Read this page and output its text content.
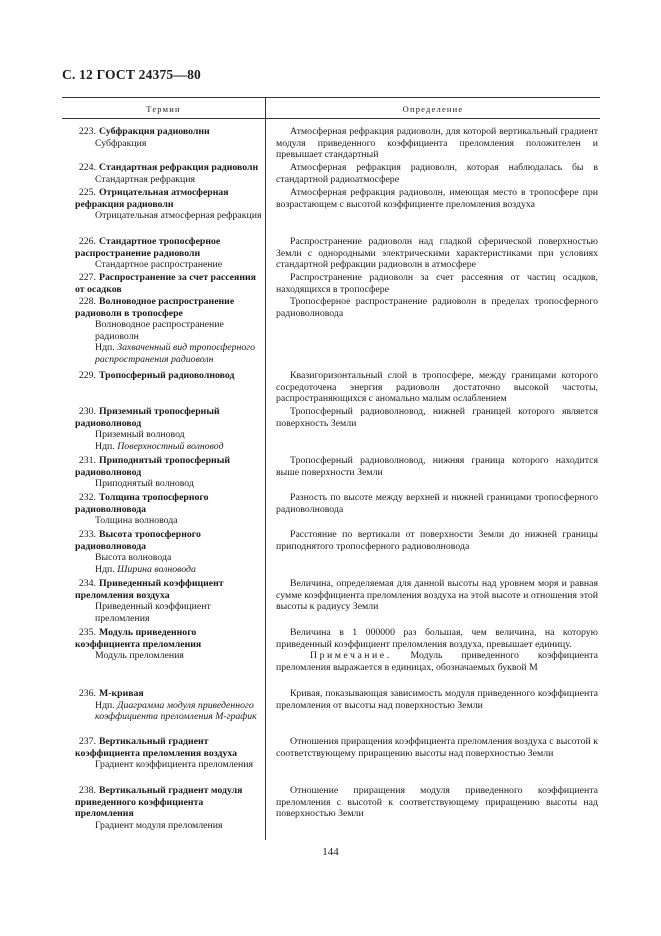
С. 12 ГОСТ 24375—80
Термин	Определение
223. Субфракция радиоволни
Субфракция

Атмосферная рефракция радиоволн, для которой вертикальный градиент модуля приведенного коэффициента преломления положителен и превышает стандартный

224. Стандартная рефракция радиоволн
Стандартная рефракция

Атмосферная рефракция радиоволн, которая наблюдалась бы в стандартной радиоатмосфере

225. Отрицательная атмосферная рефракция радиоволн
Отрицательная атмосферная рефракция

Атмосферная рефракция радиоволн, имеющая место в тропосфере при возрастающем с высотой коэффициенте преломления воздуха

226. Стандартное тропосферное распространение радиоволн
Стандартное распространение

Распространение радиоволн над гладкой сферической поверхностью Земли с однородными электрическими характеристиками при условиях стандартной рефракции радиоволн в атмосфере

227. Распространение за счет рассеяния от осадков

Распространение радиоволн за счет рассеяния от частиц осадков, находящихся в тропосфере

228. Волноводное распространение радиоволн в тропосфере
Волноводное распространение радиоволн
Ндп. Захваченный вид тропосферного распространения радиоволн

Тропосферное распространение радиоволн в пределах тропосферного радиоволновода

229. Тропосферный радиоволновод	Квазигоризонтальный слой в тропосфере, между границами которого сосредоточена энергия радиоволн достаточно высокой частоты, распространяющихся с аномально малым ослаблением

230. Приземный тропосферный радиоволновод
Приземный волновод
Ндп. Поверхностный волновод

Тропосферный радиоволновод, нижней границей которого является поверхность Земли

231. Приподнятый тропосферный радиоволновод
Приподнятый волновод

Тропосферный радиоволновод, нижняя граница которого находится выше поверхности Земли

232. Толщина тропосферного радиоволновода
Толщина волновода

Разность по высоте между верхней и нижней границами тропосферного радиоволновода

233. Высота тропосферного радиоволновода
Высота волновода
Ндп. Ширина волновода

Расстояние по вертикали от поверхности Земли до нижней границы приподнятого тропосферного радиоволновода

234. Приведенный коэффициент преломления воздуха
Приведенный коэффициент преломления

Величина, определяемая для данной высоты над уровнем моря и равная сумме коэффициента преломления воздуха на этой высоте и отношения этой высоты к радиусу Земли

235. Модуль приведенного коэффициента преломления
Модуль преломления

Величина в 1 000000 раз большая, чем величина, на которую приведенный коэффициент преломления воздуха, превышает единицу.

Примечание. Модуль приведенного коэффициента преломления выражается в единицах, обозначаемых буквой М

236. М-кривая
Ндп. Диаграмма модуля приведенного коэффициента преломления М-график

Кривая, показывающая зависимость модуля приведенного коэффициента преломления от высоты над поверхностью Земли

237. Вертикальный градиент коэффициента преломления воздуха
Градиент коэффициента преломления

Отношения приращения коэффициента преломления воздуха с высотой к соответствующему приращению высоты над поверхностью Земли

238. Вертикальный градиент модуля приведенного коэффициента преломления
Градиент модуля преломления

Отношение приращения модуля приведенного коэффициента преломления с высотой к соответствующему приращению высоты над поверхностью Земли

144
